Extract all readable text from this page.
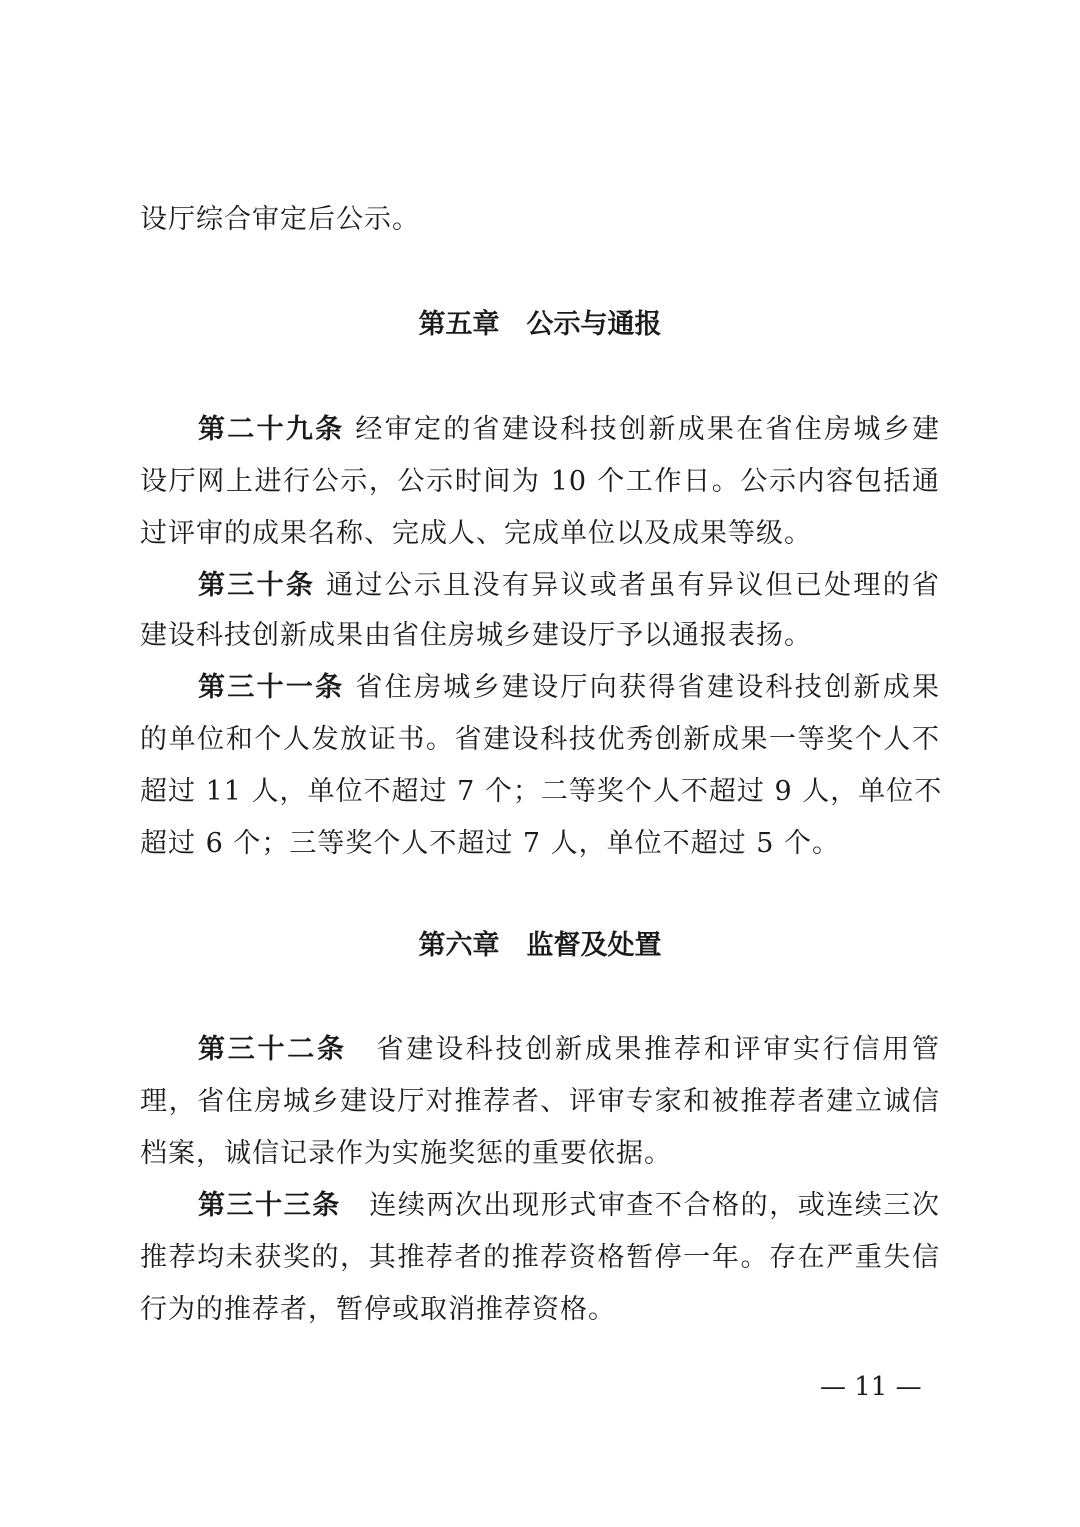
设厅综合审定后公示。
第五章　公示与通报
第二十九条 经审定的省建设科技创新成果在省住房城乡建
设厅网上进行公示，公示时间为 10 个工作日。公示内容包括通
过评审的成果名称、完成人、完成单位以及成果等级。
第三十条 通过公示且没有异议或者虽有异议但已处理的省
建设科技创新成果由省住房城乡建设厅予以通报表扬。
第三十一条 省住房城乡建设厅向获得省建设科技创新成果
的单位和个人发放证书。省建设科技优秀创新成果一等奖个人不
超过 11 人，单位不超过 7 个；二等奖个人不超过 9 人，单位不
超过 6 个；三等奖个人不超过 7 人，单位不超过 5 个。
第六章　监督及处置
第三十二条　省建设科技创新成果推荐和评审实行信用管
理，省住房城乡建设厅对推荐者、评审专家和被推荐者建立诚信
档案，诚信记录作为实施奖惩的重要依据。
第三十三条　连续两次出现形式审查不合格的，或连续三次
推荐均未获奖的，其推荐者的推荐资格暂停一年。存在严重失信
行为的推荐者，暂停或取消推荐资格。
— 11 —
